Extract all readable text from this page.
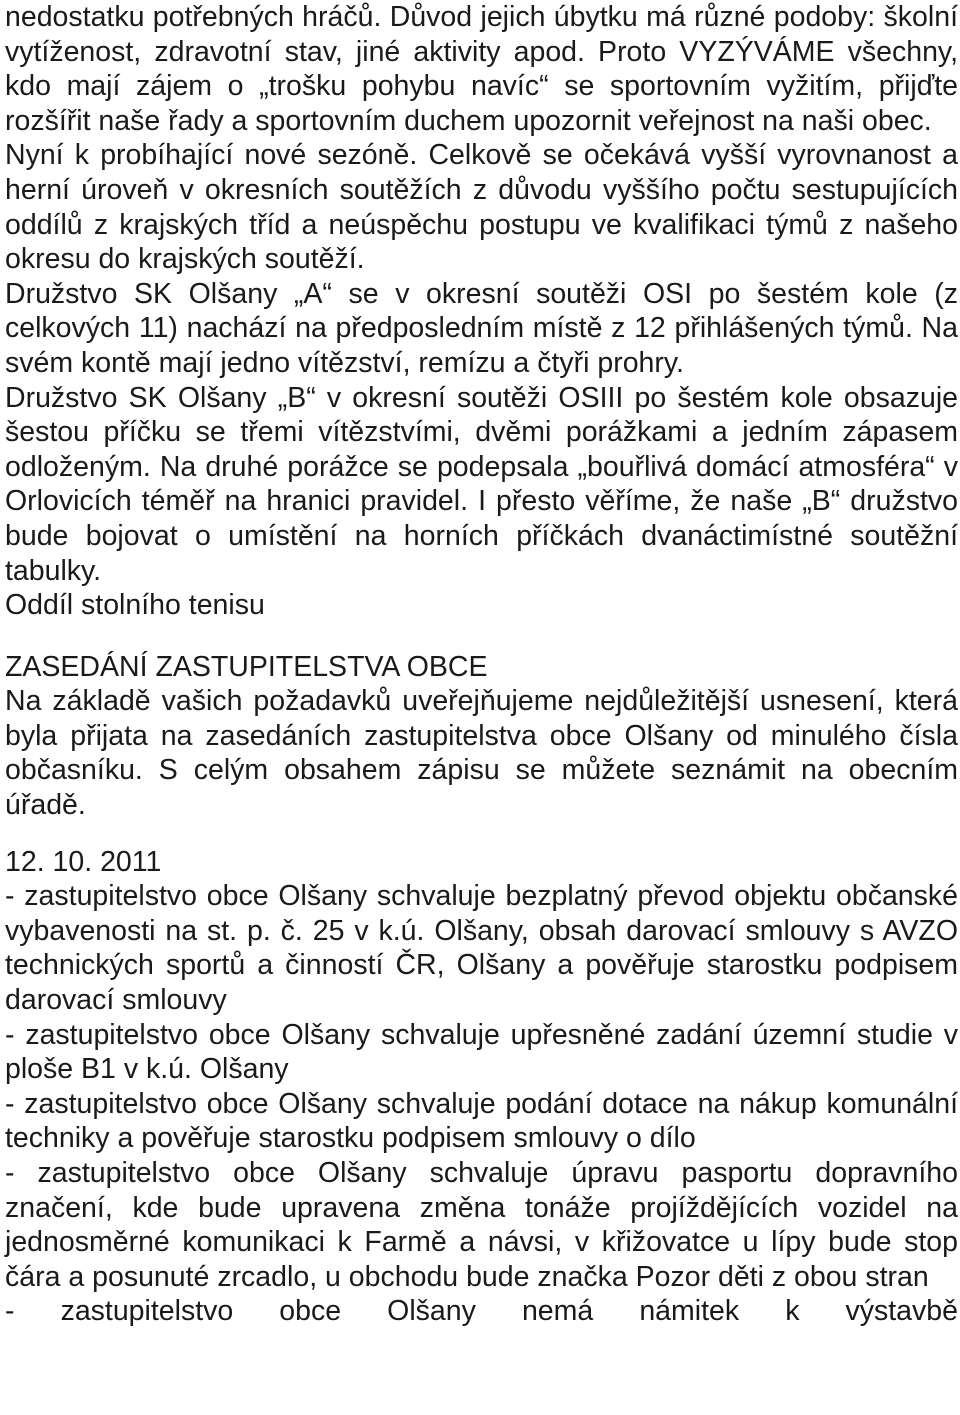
nedostatku potřebných hráčů. Důvod jejich úbytku má různé podoby: školní vytíženost, zdravotní stav, jiné aktivity apod. Proto VYZÝVÁME všechny, kdo mají zájem o „trošku pohybu navíc“ se sportovním vyžitím, přijďte rozšířit naše řady a sportovním duchem upozornit veřejnost na naši obec.

Nyní k probíhající nové sezóně. Celkově se očekává vyšší vyrovnanost a herní úroveň v okresních soutěžích z důvodu vyššího počtu sestupujících oddílů z krajských tříd a neúspěchu postupu ve kvalifikaci týmů z našeho okresu do krajských soutěží.

Družstvo SK Olšany „A“ se v okresní soutěži OSI po šestém kole (z celkových 11) nachází na předposledním místě z 12 přihlášených týmů. Na svém kontě mají jedno vítězství, remízu a čtyři prohry.

Družstvo SK Olšany „B“ v okresní soutěži OSIII po šestém kole obsazuje šestou příčku se třemi vítězstvími, dvěmi porážkami a jedním zápasem odloženým. Na druhé porážce se podepsala „bouřlivá domácí atmosféra“ v Orlovicích téměř na hranici pravidel. I přesto věříme, že naše „B“ družstvo bude bojovat o umístění na horních příčkách dvanáctimístné soutěžní tabulky.

Oddíl stolního tenisu

ZASEDÁNÍ ZASTUPITELSTVA OBCE

Na základě vašich požadavků uveřejňujeme nejdůležitější usnesení, která byla přijata na zasedáních zastupitelstva obce Olšany od minulého čísla občasníku. S celým obsahem zápisu se můžete seznámit na obecním úřadě.

12. 10. 2011

- zastupitelstvo obce Olšany schvaluje bezplatný převod objektu občanské vybavenosti na st. p. č. 25 v k.ú. Olšany, obsah darovací smlouvy s AVZO technických sportů a činností ČR, Olšany a pověřuje starostku podpisem darovací smlouvy

- zastupitelstvo obce Olšany schvaluje upřesněné zadání územní studie v ploše B1 v k.ú. Olšany

- zastupitelstvo obce Olšany schvaluje podání dotace na nákup komunální techniky a pověřuje starostku podpisem smlouvy o dílo

- zastupitelstvo obce Olšany schvaluje úpravu pasportu dopravního značení, kde bude upravena změna tonáže projíždějících vozidel na jednosměrné komunikaci k Farmě a návsi, v křižovatce u lípy bude stop čára a posunuté zrcadlo, u obchodu bude značka Pozor děti z obou stran

- zastupitelstvo obce Olšany nemá námitek k výstavbě
